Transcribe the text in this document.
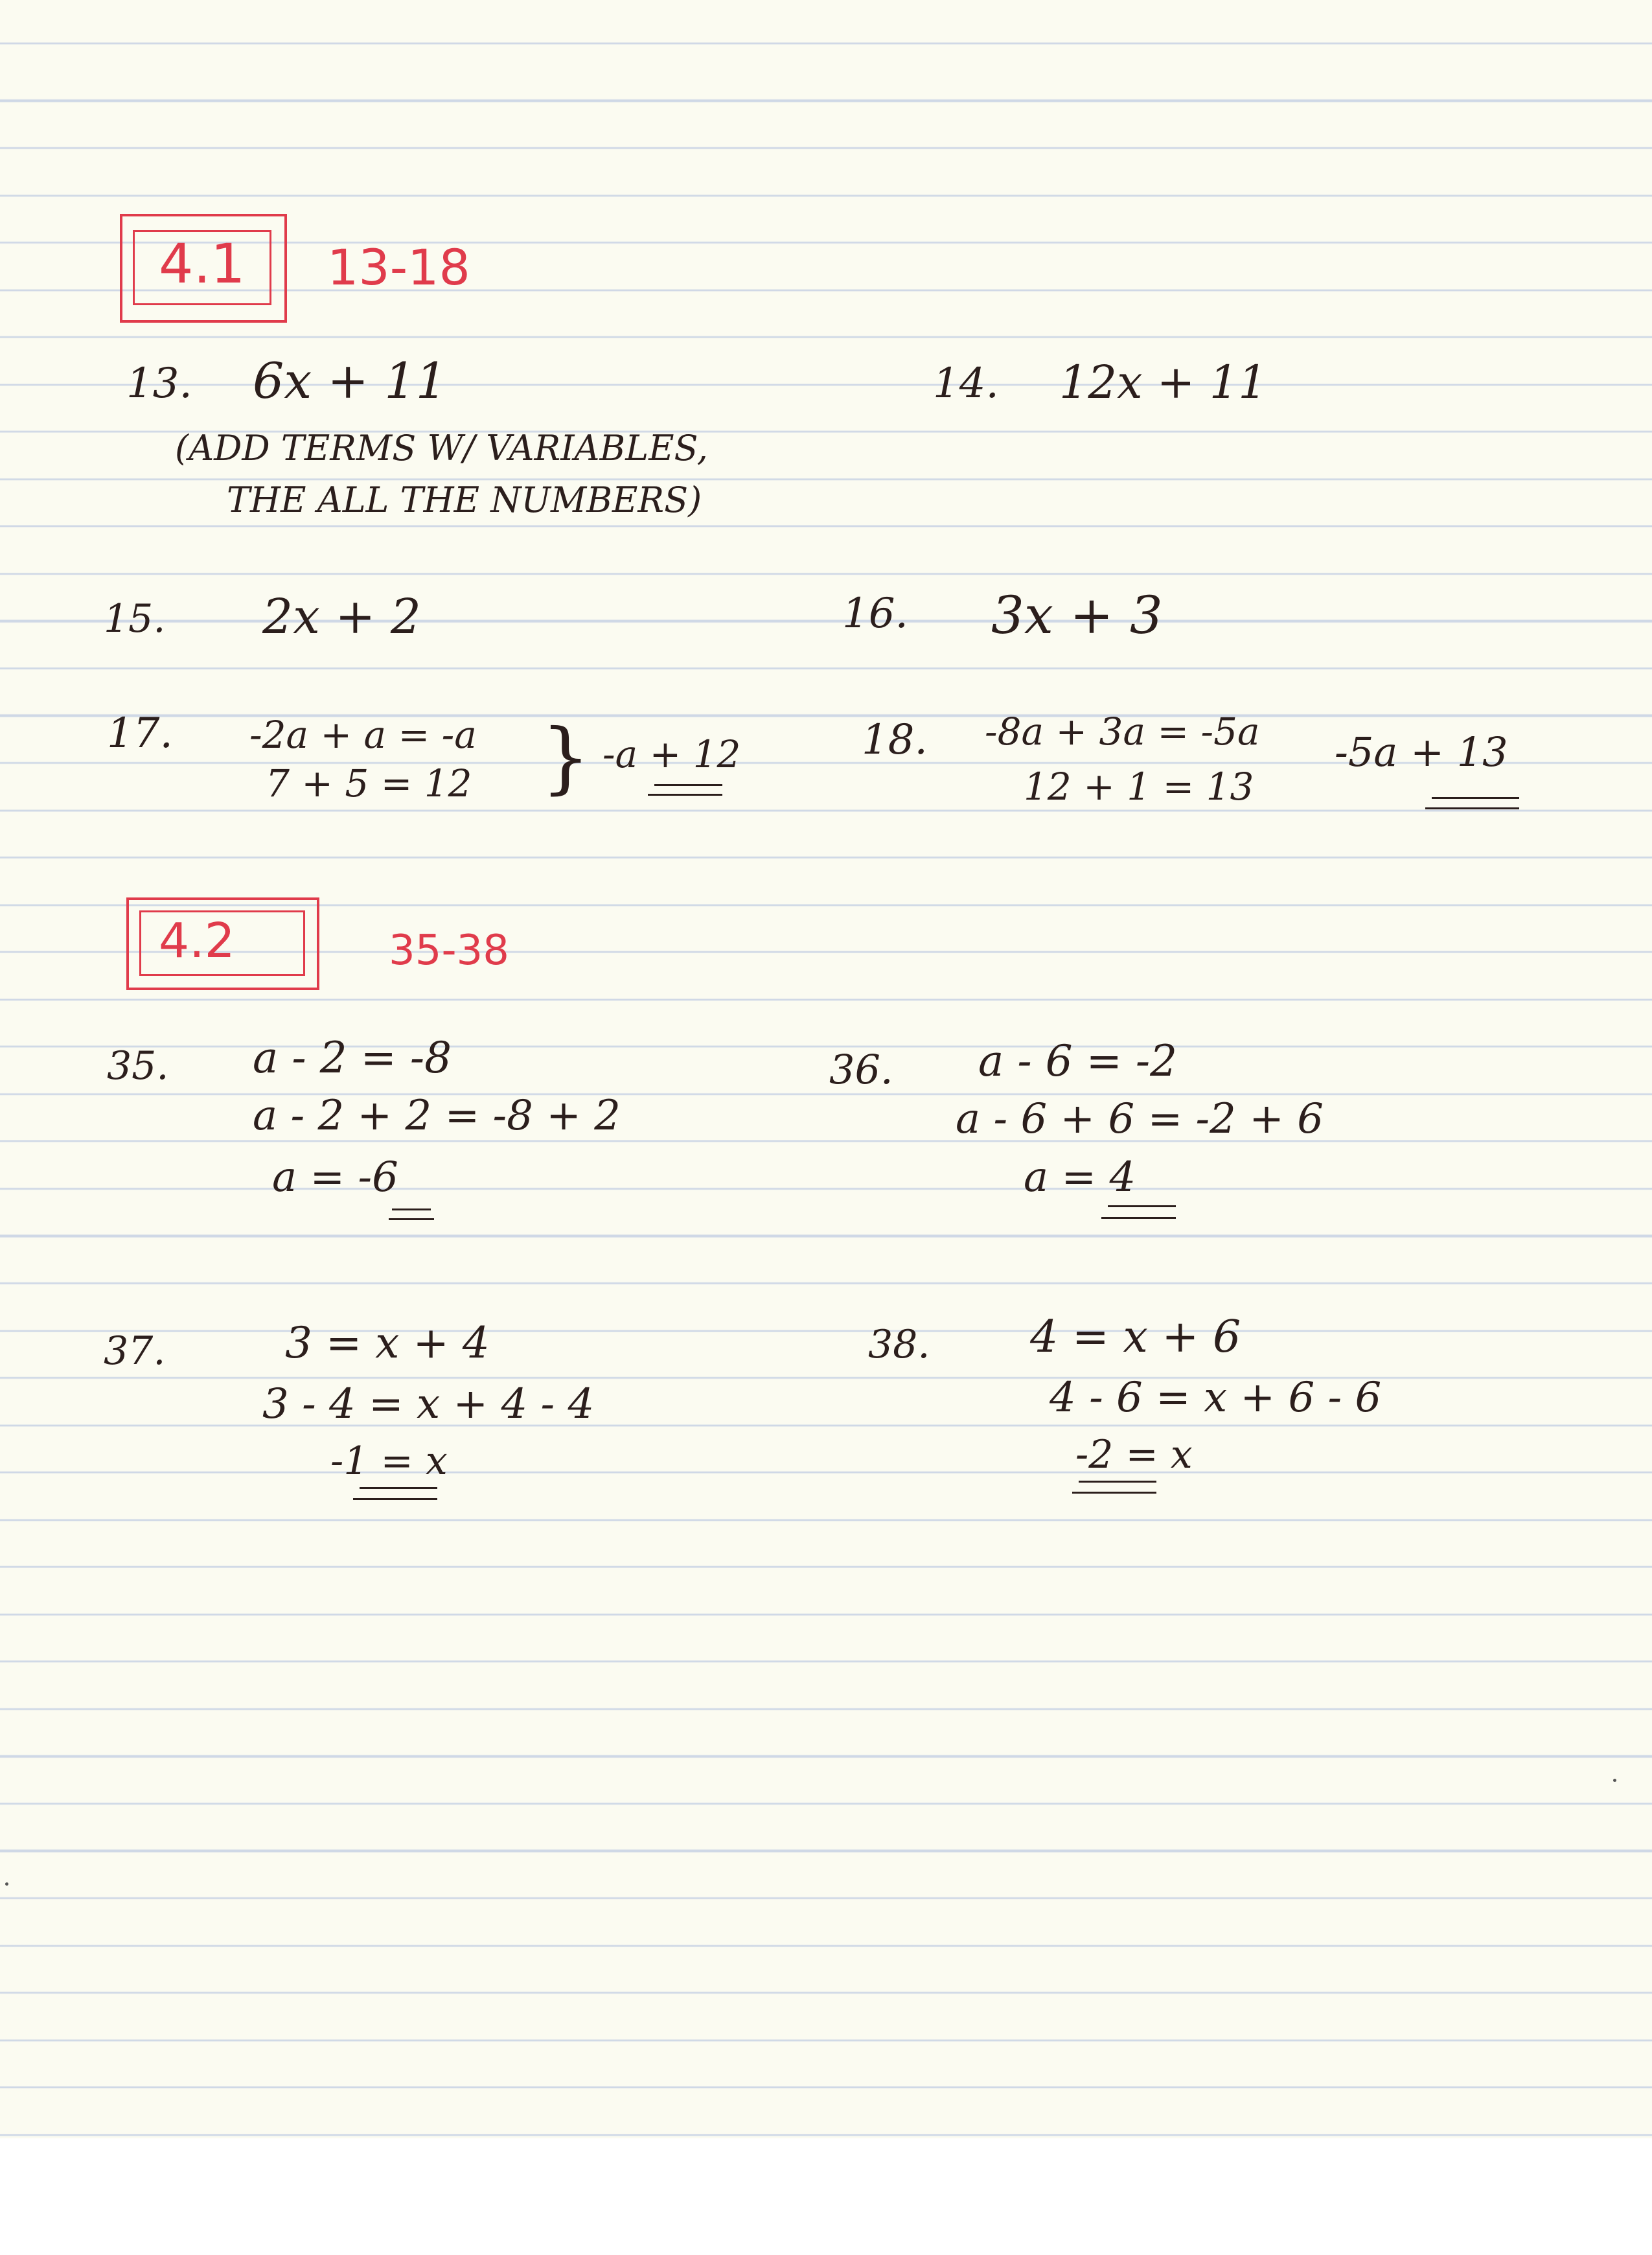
4.1 13-18
13. 6x + 11
(ADD TERMS W/ VARIABLES,
THE ALL THE NUMBERS)
14. 12x + 11
15. 2x + 2	16. 3x + 3
17. -2a + a = -a
7 + 5 = 12 } -a + 12	18. -8a + 3a = -5a
12 + 1 = 13
-5a + 13
4.2	35-38
35. a - 2 = -8
a - 2 + 2 = -8 + 2
a = -6
36. a - 6 = -2
a - 6 + 6 = -2 + 6
a = 4
37.	3 = x + 4
3 - 4 = x + 4 - 4
-1 = x
38. 4 = x + 6
4 - 6 = x + 6 - 6
-2 = x
